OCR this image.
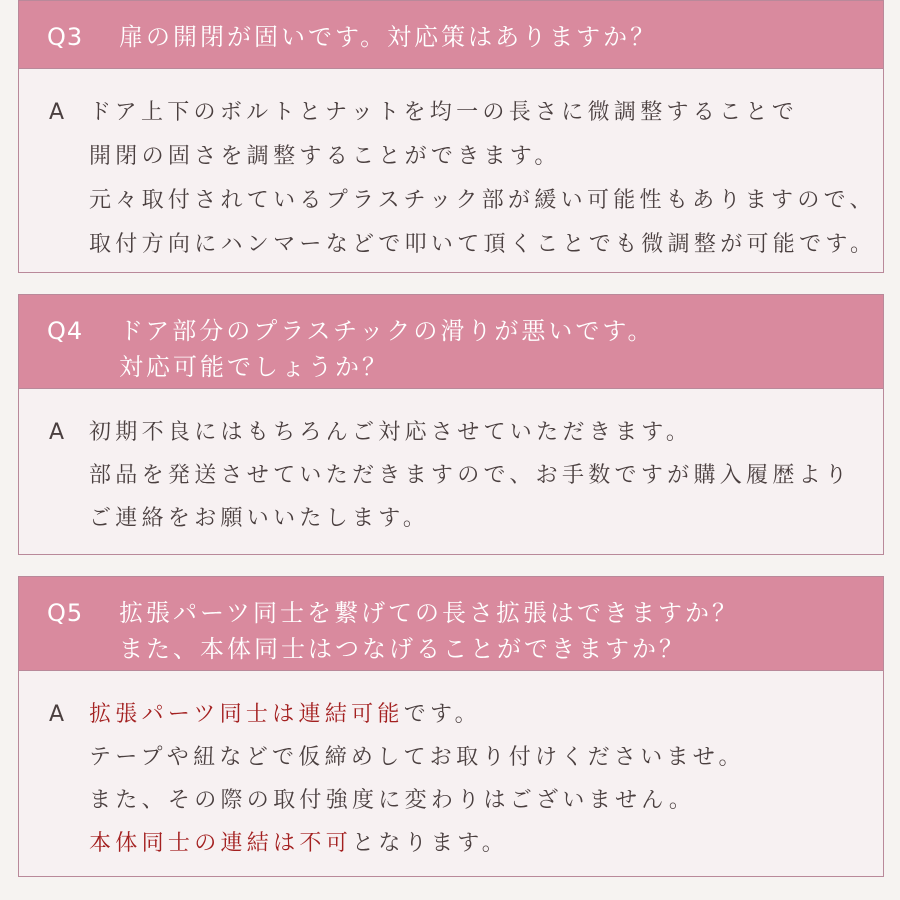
Q3	扉の開閉が固いです。対応策はありますか？
A	ドア上下のボルトとナットを均一の長さに微調整することで
開閉の固さを調整することができます。
元々取付されているプラスチック部が緩い可能性もありますので、
取付方向にハンマーなどで叩いて頂くことでも微調整が可能です。
Q4	ドア部分のプラスチックの滑りが悪いです。
対応可能でしょうか？
A	初期不良にはもちろんご対応させていただきます。
部品を発送させていただきますので、お手数ですが購入履歴より
ご連絡をお願いいたします。
Q5	拡張パーツ同士を繋げての長さ拡張はできますか？
また、本体同士はつなげることができますか？
A	拡張パーツ同士は連結可能です。
テープや紐などで仮締めしてお取り付けくださいませ。
また、その際の取付強度に変わりはございません。
本体同士の連結は不可となります。
